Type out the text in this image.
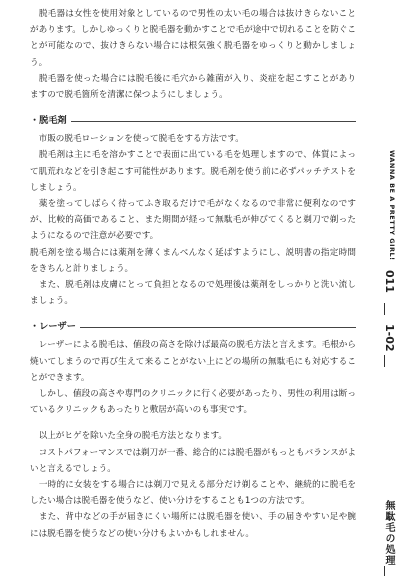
　脱毛器は女性を使用対象としているので男性の太い毛の場合は抜けきらないことがあります。しかしゆっくりと脱毛器を動かすことで毛が途中で切れることを防ぐことが可能なので、抜けきらない場合には根気強く脱毛器をゆっくりと動かしましょう。

　脱毛器を使った場合には脱毛後に毛穴から雑菌が入り、炎症を起こすことがありますので脱毛箇所を清潔に保つようにしましょう。

・脱毛剤

　市販の脱毛ローションを使って脱毛をする方法です。

　脱毛剤は主に毛を溶かすことで表面に出ている毛を処理しますので、体質によって肌荒れなどを引き起こす可能性があります。脱毛剤を使う前に必ずパッチテストをしましょう。

　薬を塗ってしばらく待ってふき取るだけで毛がなくなるので非常に便利なのですが、比較的高価であること、また期間が経って無駄毛が伸びてくると剃刀で剃ったようになるので注意が必要です。

脱毛剤を塗る場合には薬剤を薄くまんべんなく延ばすようにし、説明書の指定時間をきちんと計りましょう。

　また、脱毛剤は皮膚にとって負担となるので処理後は薬剤をしっかりと洗い流しましょう。

・レーザー

　レーザーによる脱毛は、値段の高さを除けば最高の脱毛方法と言えます。毛根から焼いてしまうので再び生えて来ることがない上にどの場所の無駄毛にも対応することができます。

　しかし、値段の高さや専門のクリニックに行く必要があったり、男性の利用は断っているクリニックもあったりと敷居が高いのも事実です。

　以上がヒゲを除いた全身の脱毛方法となります。

　コストパフォーマンスでは剃刀が一番、総合的には脱毛器がもっともバランスがよいと言えるでしょう。

　一時的に女装をする場合には剃刀で見える部分だけ剃ることや、継続的に脱毛をしたい場合は脱毛器を使うなど、使い分けをすることも1つの方法です。

　また、背中などの手が届きにくい場所には脱毛器を使い、手の届きやすい足や腕には脱毛器を使うなどの使い分けもよいかもしれません。

WANNA BE A PRETTY GIRL!
011
1-02
無駄毛の処理
